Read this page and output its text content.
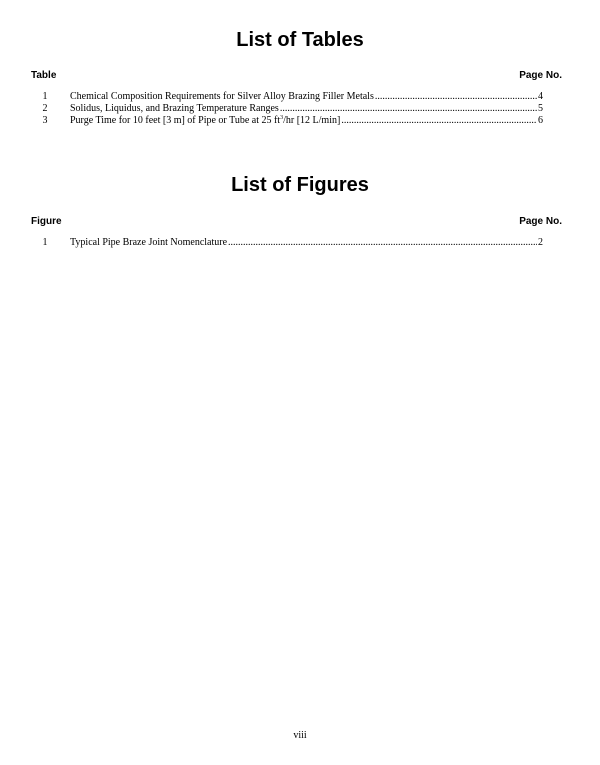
List of Tables
Table	Page No.
1 Chemical Composition Requirements for Silver Alloy Brazing Filler Metals .....	4
2 Solidus, Liquidus, and Brazing Temperature Ranges .....	5
3 Purge Time for 10 feet [3 m] of Pipe or Tube at 25 $ft^3/hr$ [12 L/min] .....	6
List of Figures
Figure	Page No.
1 Typical Pipe Braze Joint Nomenclature .....	2
viii
